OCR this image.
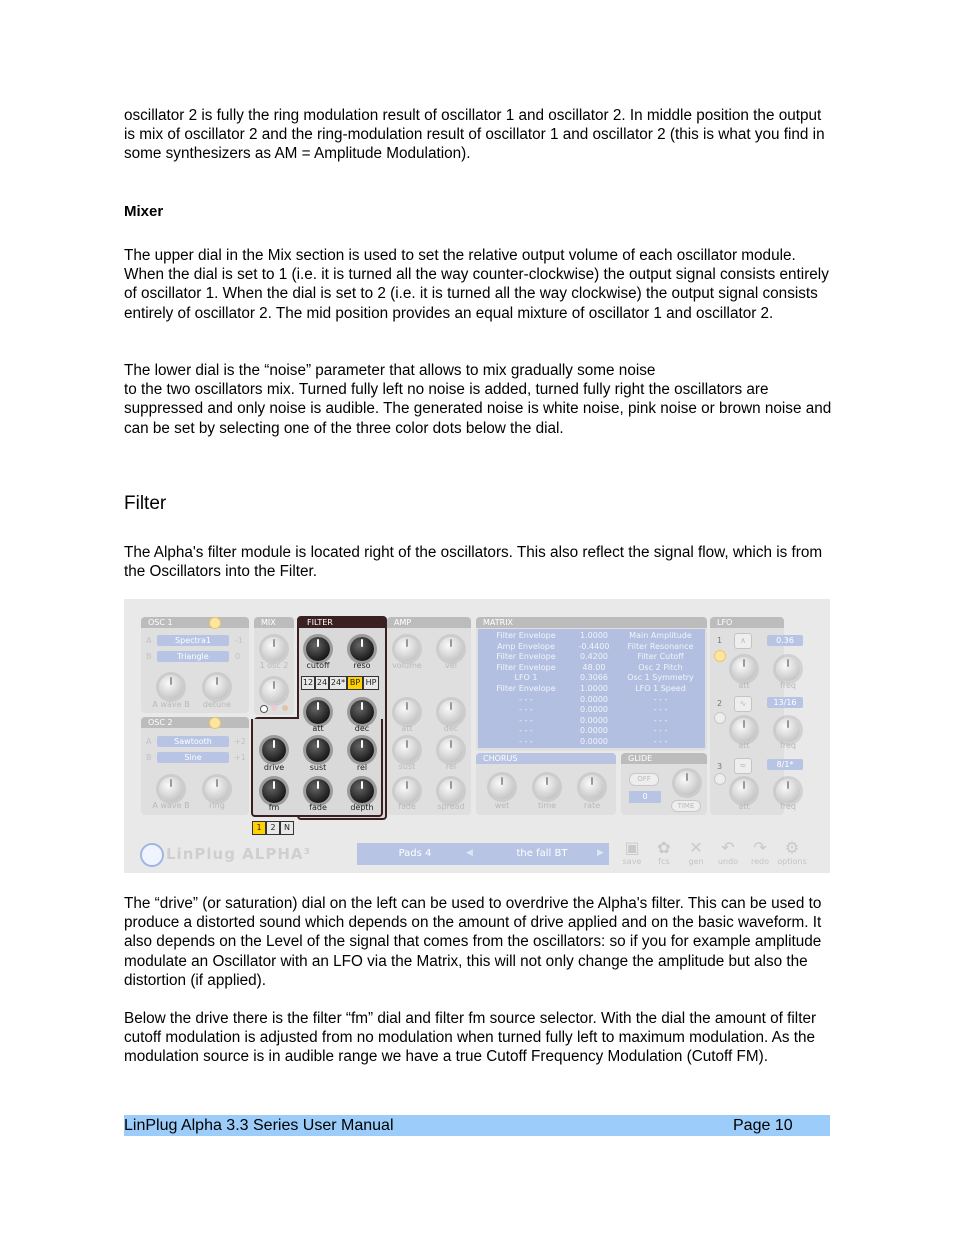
oscillator 2 is fully the ring modulation result of oscillator 1 and oscillator 2. In middle position the output is mix of oscillator 2 and the ring-modulation result of oscillator 1 and oscillator 2 (this is what you find in some synthesizers as AM = Amplitude Modulation).

Mixer

The upper dial in the Mix section is used to set the relative output volume of each oscillator module. When the dial is set to 1 (i.e. it is turned all the way counter-clockwise) the output signal consists entirely of oscillator 1. When the dial is set to 2 (i.e. it is turned all the way clockwise) the output signal consists entirely of oscillator 2. The mid position provides an equal mixture of oscillator 1 and oscillator 2.

The lower dial is the “noise” parameter that allows to mix gradually some noise
to the two oscillators mix. Turned fully left no noise is added, turned fully right the oscillators are suppressed and only noise is audible. The generated noise is white noise, pink noise or brown noise and can be set by selecting one of the three color dots below the dial.
Filter

The Alpha's filter module is located right of the oscillators. This also reflect the signal flow, which is from the Oscillators into the Filter.

OSC 1
A
B
Spectra1
Triangle
-1
0
A wave B	detune
OSC 2
A
B
Sawtooth
Sine
+2
+1
A wave B	ring
MIX
1 osc 2
FILTER
cutoff	reso
12 24 24* BP HP
att	dec
drive	sust	rel
fm	fade	depth
1	2	N
AMP
volume	vel
att	dec
sust	rel
fade	spread
MATRIX
Filter Envelope	1.0000	Main Amplitude
Amp Envelope	-0.4400	Filter Resonance
Filter Envelope	0.4200	Filter Cutoff
Filter Envelope	48.00	Osc 2 Pitch
LFO 1	0.3066	Osc 1 Symmetry
Filter Envelope	1.0000	LFO 1 Speed
- - -	0.0000	- - -
- - -	0.0000	- - -
- - -	0.0000	- - -
- - -	0.0000	- - -
- - -	0.0000	- - -
CHORUS
wet	time	rate
GLIDE
OFF
0
TIME
LFO
1	∧	0.36
att	freq
2	∿	13/16
att	freq
3	≈	8/1*
att	freq
LinPlug ALPHA³	Pads 4	◀	the fall BT	▶	▣
save
✿
fcs
✕
gen
↶
undo
↷
redo
⚙
options

The “drive” (or saturation) dial on the left can be used to overdrive the Alpha's filter. This can be used to produce a distorted sound which depends on the amount of drive applied and on the basic waveform. It also depends on the Level of the signal that comes from the oscillators: so if you for example amplitude modulate an Oscillator with an LFO via the Matrix, this will not only change the amplitude but also the distortion (if applied).

Below the drive there is the filter “fm” dial and filter fm source selector. With the dial the amount of filter cutoff modulation is adjusted from no modulation when turned fully left to maximum modulation. As the modulation source is in audible range we have a true Cutoff Frequency Modulation (Cutoff FM).

LinPlug Alpha 3.3 Series User Manual	Page 10
